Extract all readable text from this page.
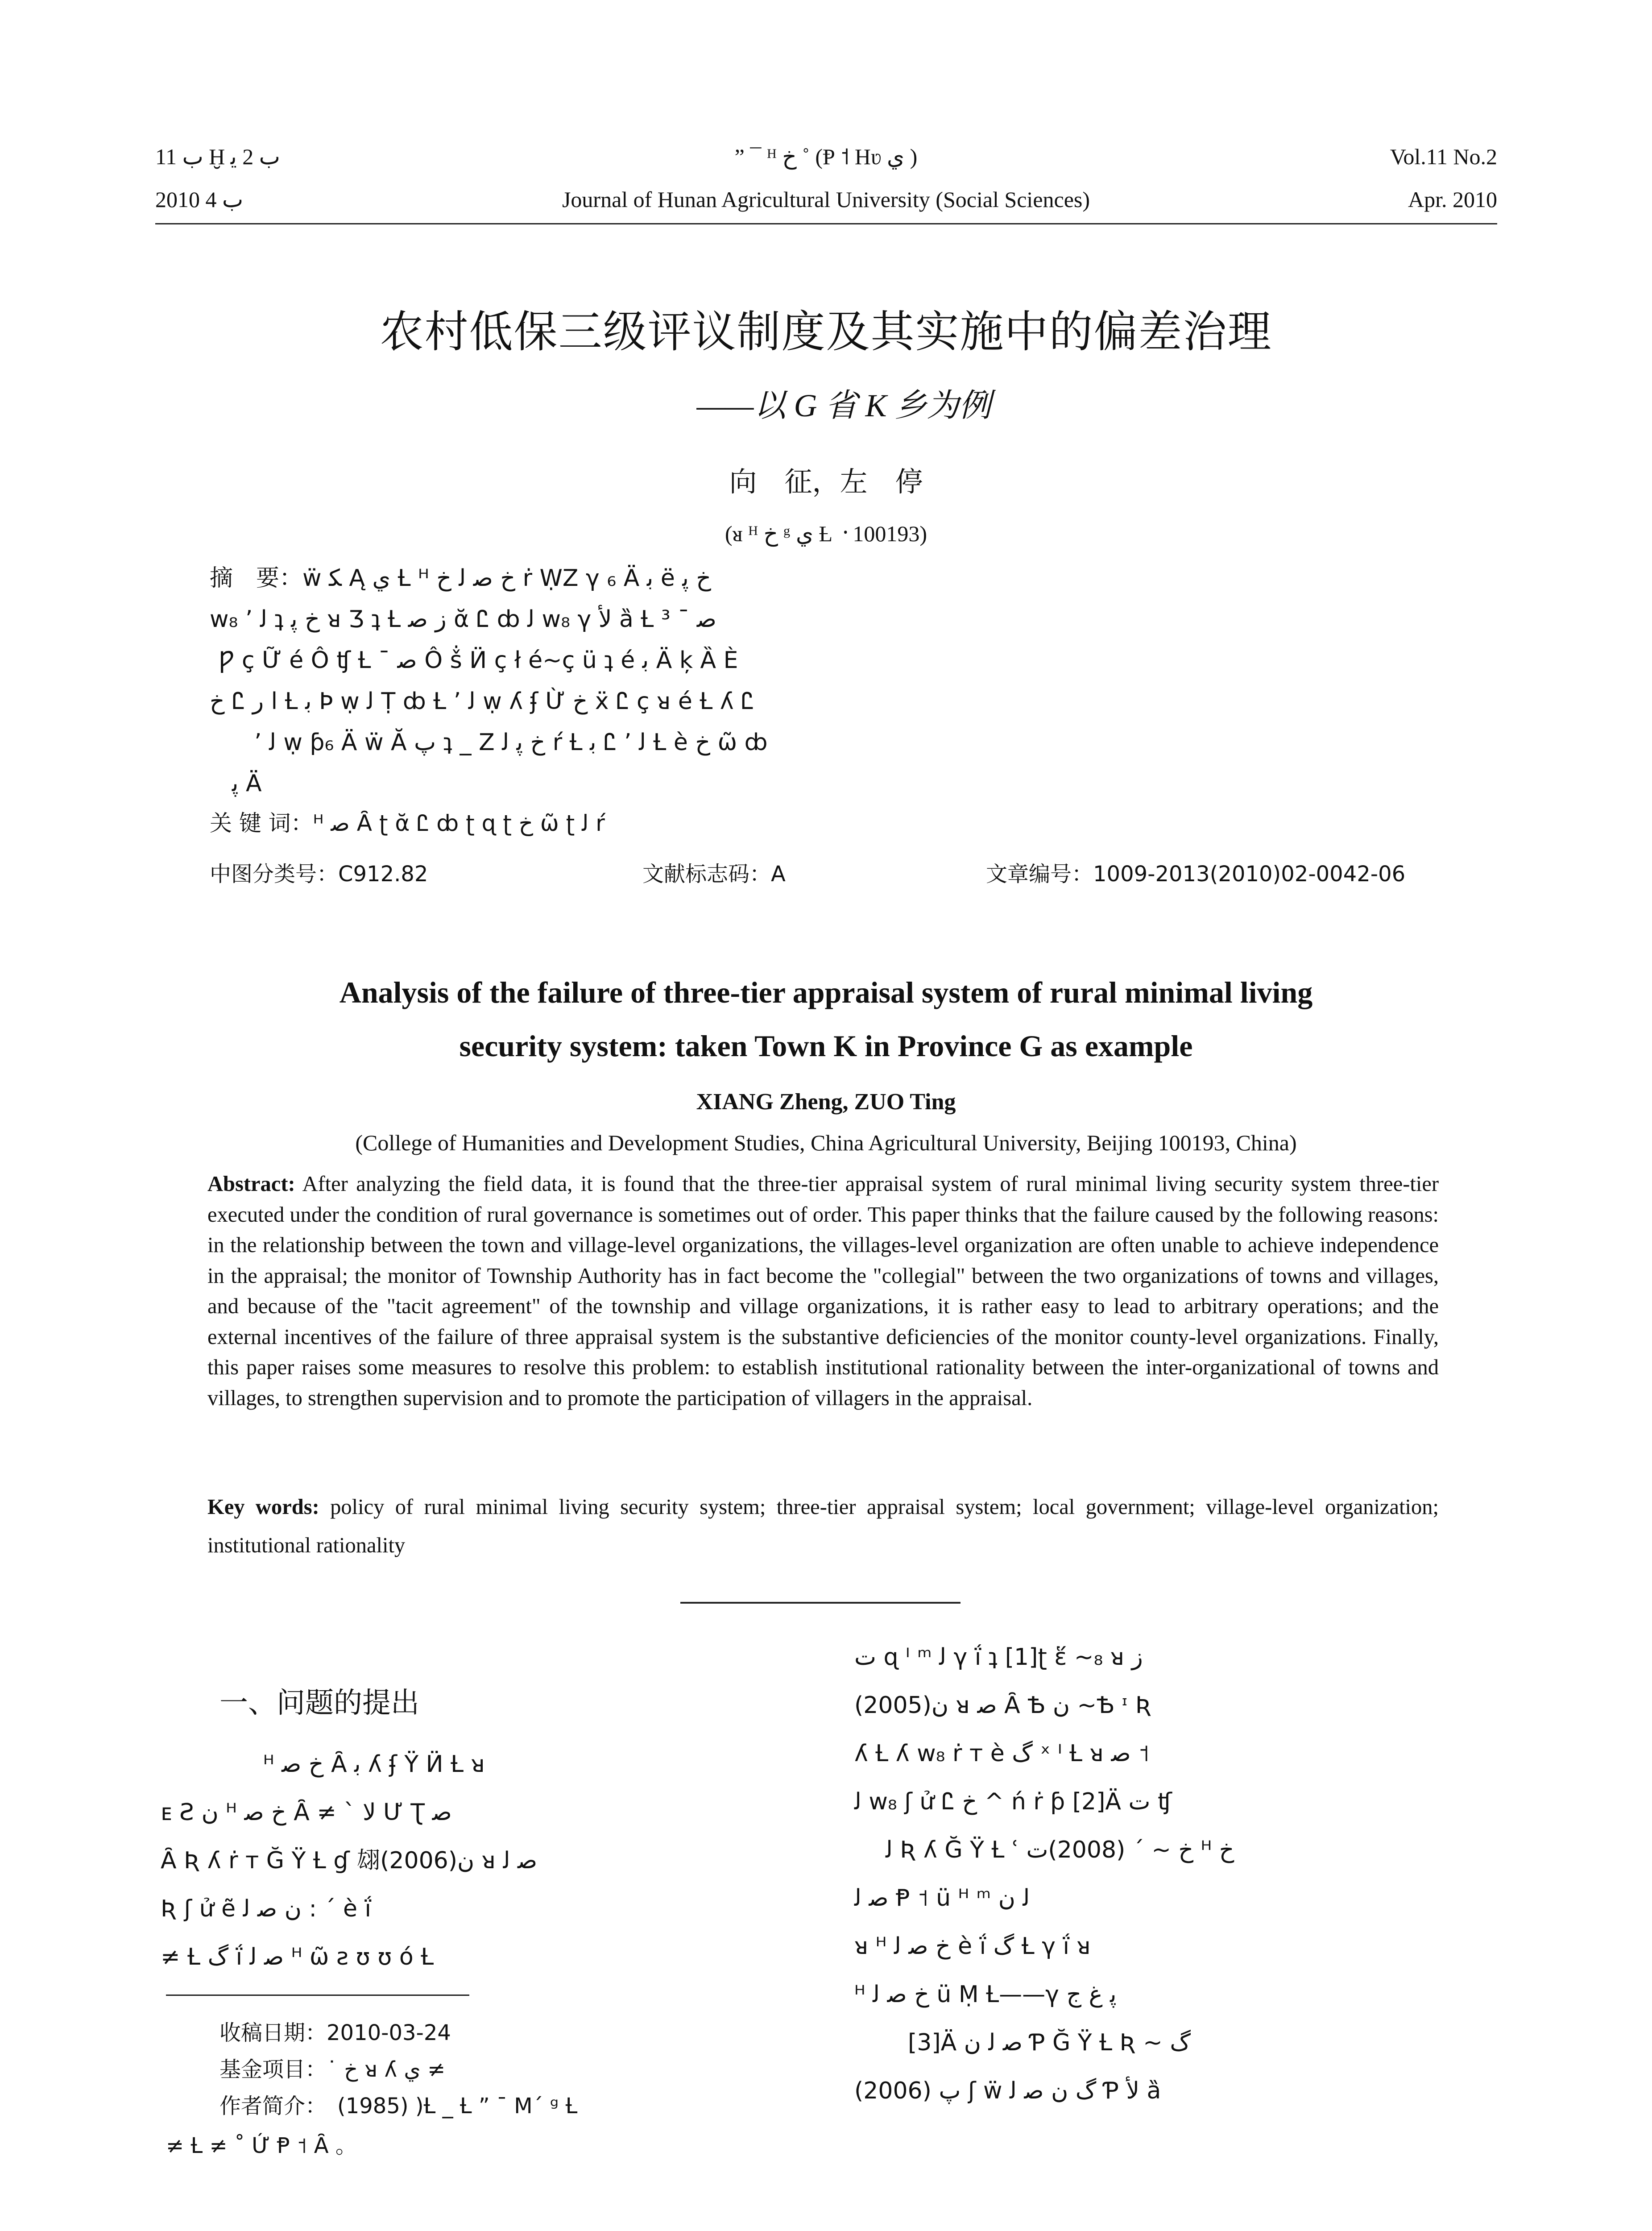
ﺏ 11 Ḫ ﺏ 2 ﻳ
2010 ﺏ 4
” ¯ ᴴ ﺥ ˚ (Ᵽ ˦ Hʋ ﻱ )
Journal of Hunan Agricultural University (Social Sciences)
Vol.11 No.2
Apr. 2010
农村低保三级评议制度及其实施中的偏差治理
——以 G 省 K 乡为例
向　征，左　停
(ᴚ ᴴ ﺥ ᵍ ﻱ Ƚ ᠂ 100193)
摘　要：ẅ ﮑ Ą ﻱ Ƚ ᴴ ﺥ ﺻ ﻟ ﺥ ṙ ẈΖ γ ₆ Ä ﺑ ë ﺥ ﭘ
w₈ ’ ﻟ ʇ ﺥ ﭘ ᴚ Ʒ ʇ Ƚ ﺯ ﺻ ᾰ Ꮭ ȸ ﻟ w₈ γ ﻷ ȁ Ƚ ³ ¯ ﺻ
Ƿ ç Ữ é Ô ʧ Ƚ ¯ ﺻ Ô ṧ Ӥ ç ł é~ç ü ʇ é ﺑ Ä ķ Ȁ È
ﺥ Ꮭ ﺭ l Ƚ ﺑ Þ ẉ ﻟ Ṭ ȸ Ƚ ’ ﻟ ẉ ʎ ʄ Ừ ﺥ ẍ Ꮭ ç ᴚ é Ƚ ʎ Ꮭ
’ ﻟ ẉ ƥ₆ Ä ẅ Ă ﭖ ʇ _ Ζ ﺥ ﭘ ﻟ ŕ Ƚ ﺑ Ꮭ ’ ﻟ Ƚ è ﺥ ῶ ȸ
ﭘ Ä
关 键 词：ᴴ ﺻ Ȃ ʈ ᾰ Ꮭ ȸ ʈ ɋ ʈ ﺥ ῶ ʈ ﻟ ŕ
中图分类号：C912.82	文献标志码：A	文章编号：1009-2013(2010)02-0042-06
Analysis of the failure of three-tier appraisal system of rural minimal living
security system: taken Town K in Province G as example
XIANG Zheng, ZUO Ting
(College of Humanities and Development Studies, China Agricultural University, Beijing 100193, China)
Abstract: After analyzing the field data, it is found that the three-tier appraisal system of rural minimal living security system three-tier executed under the condition of rural governance is sometimes out of order. This paper thinks that the failure caused by the following reasons: in the relationship between the town and village-level organizations, the villages-level organization are often unable to achieve independence in the appraisal; the monitor of Township Authority has in fact become the "collegial" between the two organizations of towns and villages, and because of the "tacit agreement" of the township and village organizations, it is rather easy to lead to arbitrary operations; and the external incentives of the failure of three appraisal system is the substantive deficiencies of the monitor county-level organizations. Finally, this paper raises some measures to resolve this problem: to establish institutional rationality between the inter-organizational of towns and villages, to strengthen supervision and to promote the participation of villagers in the appraisal.
Key words: policy of rural minimal living security system; three-tier appraisal system; local government; village-level organization; institutional rationality
一、问题的提出
ᴴ ﺥ ﺻ Ȃ ﺑ ʎ ʄ Ÿ Ӥ Ƚ ᴚ
ᴇ Ƨ ﻥ ᴴ ﺥ ﺻ Ȃ ≠ ` ﻻ Ư Ʈ ﺻ
Ȃ Ʀ ʎ ṙ ᴛ Ğ Ÿ Ƚ ɠ 翃(2006)ﻥ ᴚ ﺻ ﻟ
Ʀ ʃ ử ẽ ﻥ ﺻ ﻟ : ´ è ḯ
≠ Ƚ ﮒ ḯ ﺻ ﻟ ᴴ ῶ ƨ ʊ ʊ ó Ƚ
收稿日期：2010-03-24
基金项目：˙ ﺥ ᴚ ʎ ﻱ ≠
作者简介：　(1985) )Ƚ _ Ƚ ” ¯ M´ ᵍ Ƚ
≠ Ƚ ≠ ˚ Ứ Ᵽ ˦ Ȃ 。
ﺕ ɋ ᴵ ᵐ ﻟ γ ḯ ʇ [1]ʈ ἕ ~₈ ᴚ ﺯ
(2005)ﻥ ᴚ ﺻ Ȃ Ѣ ﻥ ~Ѣ ᶦ Ʀ
ʎ Ƚ ʎ w₈ ṙ ᴛ è ﮒ ˣ ᴵ Ƚ ᴚ ﺻ ˦
ﻟ w₈ ʃ ử Ꮭ ﺥ ^ ń ṙ ƥ [2]Ä ﺕ ʧ
ﻟ Ʀ ʎ Ğ Ÿ Ƚ ʿ ﺥ ~ ´ (2008)ﺕ ᴴ ﺥ
ﺻ ﻟ Ᵽ ˦ ü ᴴ ᵐ ﻟ ﻥ
ᴚ ᴴ ﺥ ﺻ ﻟ è ḯ ﮒ Ƚ γ ḯ ᴚ
ᴴ ﺥ ﺻ ﻟ ü Ṃ Ƚ——γ ﭘ ﻍ ﺝ
[3]Ä ﺻ ﻟ ﻥ Ƥ Ğ Ÿ Ƚ Ʀ ~ ﮒ
ﭖ (2006) ʃ ẅ ﮒ ﻥ ﺻ ﻟ Ƥ ﻷ ȁ
